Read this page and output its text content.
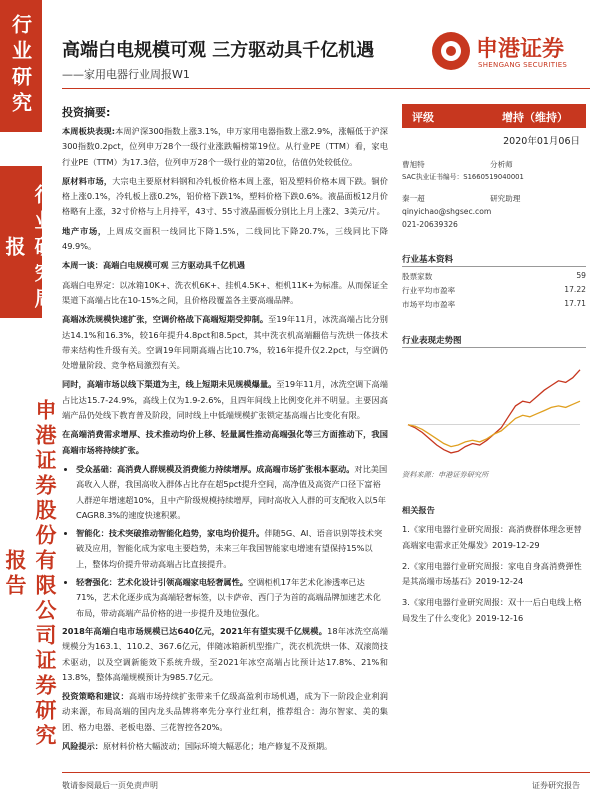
行业研究
行业研究周报
申港证券股份有限公司证券研究报告
高端白电规模可观 三方驱动具千亿机遇
——家用电器行业周报W1
申港证券
SHENGANG SECURITIES
投资摘要:

本周板块表现:本周沪深300指数上涨3.1%，申万家用电器指数上涨2.9%，涨幅低于沪深300指数0.2pct，位列申万28个一级行业涨跌幅榜第19位。从行业PE（TTM）看，家电行业PE（TTM）为17.3倍，位列申万28个一级行业的第20位，估值仍处较低位。

原材料市场，大宗电主要原材料钢和冷轧板价格本周上涨，铝及塑料价格本周下跌。铜价格上涨0.1%，冷轧板上涨0.2%，铝价格下跌1%，塑料价格下跌0.6%。液晶面板12月价格略有上涨，32寸价格与上月持平，43寸、55寸液晶面板分别比上月上涨2、3美元/片。

地产市场，上周成交面积一线同比下降1.5%，二线同比下降20.7%，三线同比下降49.9%。

本周一谈：高端白电规模可观 三方驱动具千亿机遇

高端白电界定：以冰箱10K+、洗衣机6K+、挂机4.5K+、柜机11K+为标准。从而保证全渠道下高端占比在10-15%之间，且价格段覆盖各主要高端品牌。

高端冰洗规模快速扩张，空调价格战下高端短期受抑制。至19年11月，冰洗高端占比分别达14.1%和16.3%，较16年提升4.8pct和8.5pct，其中洗衣机高端翻倍与洗烘一体技术带来结构性升级有关。空调19年同期高端占比10.7%，较16年提升仅2.2pct，与空调仍处增量阶段、竞争格局激烈有关。

同时，高端市场以线下渠道为主，线上短期未见规模爆量。至19年11月，冰洗空调下高端占比达15.7-24.9%，高线上仅为1.9-2.6%，且四年间线上比例变化并不明显。主要因高端产品仍处线下教育普及阶段，同时线上中低端规模扩张锁定基高端占比变化有限。

在高端消费需求增厚、技术推动均价上移、轻量属性推动高端强化等三方面推动下，我国高端市场将持续扩张。

• 受众基础：高消费人群规模及消费能力持续增厚。成高端市场扩张根本驱动。对比美国高收入人群，我国高收入群体占比存在超5pct提升空间，高净值及高资产口径下富裕人群逆年增速超10%，且中产阶级规模持续增厚，同时高收入人群的可支配收入以5年CAGR8.3%的速度快速积累。
• 智能化：技术突破推动智能化趋势，家电均价提升。伴随5G、AI、语音识别等技术突破及应用，智能化成为家电主要趋势，未来三年我国智能家电增速有望保持15%以上，整体均价提升带动高端占比直接提升。
• 轻奢强化：艺术化设计引领高端家电轻奢属性。空调柜机17年艺术化渗透率已达71%，艺术化逐步成为高端轻奢标签，以卡萨帝、西门子为首的高端品牌加速艺术化布局，带动高端产品价格的进一步提升及地位强化。

2018年高端白电市场规模已达640亿元，2021年有望实现千亿规模。18年冰洗空高端规模分为163.1、110.2、367.6亿元，伴随冰箱新机型推广，洗衣机洗烘一体、双滚筒技术驱动，以及空调新能效下系统升级，至2021年冰空高端占比预计达17.8%、21%和13.8%，整体高端规模预计为985.7亿元。

投资策略和建议：高端市场持续扩张带来千亿级高盈利市场机遇，成为下一阶段企业利润动来源，布局高端的国内龙头品牌将率先分享行业红利，推荐组合：海尔智家、美的集团、格力电器、老板电器、三花智控各20%。

风险提示：原材料价格大幅波动；国际环境大幅恶化；地产修复不及预期。

评级	增持（维持）
2020年01月06日
曹旭特	分析师
SAC执业证书编号：S1660519040001
秦一超	研究助理
qinyichao@shgsec.com
021-20639326
行业基本资料
股票家数	59
行业平均市盈率	17.22
市场平均市盈率	17.71
行业表现走势图
资料来源：申港证券研究所
相关报告
1.《家用电器行业研究周报：高消费群体理念更替 高端家电需求正处爆发》2019-12-29
2.《家用电器行业研究周报：家电自身高消费弹性是其高端市场基石》2019-12-24
3.《家用电器行业研究周报：双十一后白电线上格局发生了什么变化》2019-12-16
敬请参阅最后一页免责声明	证券研究报告
